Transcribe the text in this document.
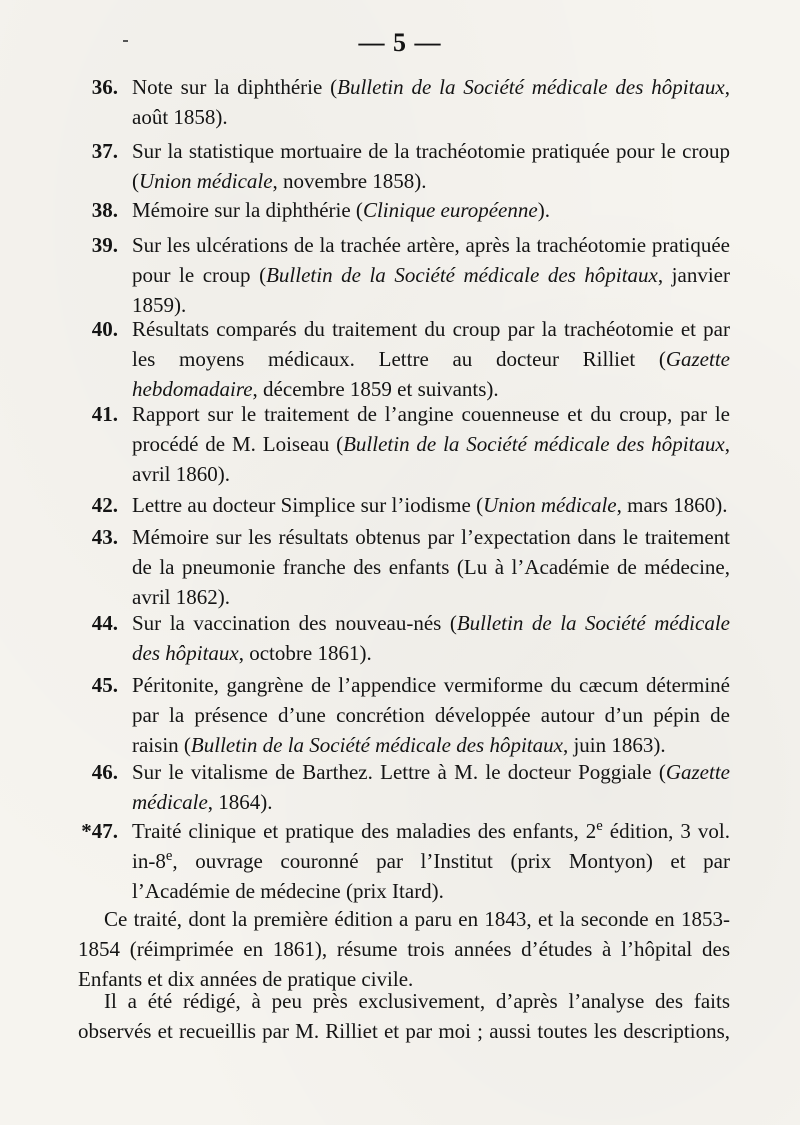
— 5 —
36. Note sur la diphthérie (Bulletin de la Société médicale des hôpitaux, août 1858).
37. Sur la statistique mortuaire de la trachéotomie pratiquée pour le croup (Union médicale, novembre 1858).
38. Mémoire sur la diphthérie (Clinique européenne).
39. Sur les ulcérations de la trachée artère, après la trachéotomie pratiquée pour le croup (Bulletin de la Société médicale des hôpitaux, janvier 1859).
40. Résultats comparés du traitement du croup par la trachéotomie et par les moyens médicaux. Lettre au docteur Rilliet (Gazette hebdomadaire, décembre 1859 et suivants).
41. Rapport sur le traitement de l’angine couenneuse et du croup, par le procédé de M. Loiseau (Bulletin de la Société médicale des hôpitaux, avril 1860).
42. Lettre au docteur Simplice sur l’iodisme (Union médicale, mars 1860).
43. Mémoire sur les résultats obtenus par l’expectation dans le traitement de la pneumonie franche des enfants (Lu à l’Académie de médecine, avril 1862).
44. Sur la vaccination des nouveau-nés (Bulletin de la Société médicale des hôpitaux, octobre 1861).
45. Péritonite, gangrène de l’appendice vermiforme du cæcum déterminé par la présence d’une concrétion développée autour d’un pépin de raisin (Bulletin de la Société médicale des hôpitaux, juin 1863).
46. Sur le vitalisme de Barthez. Lettre à M. le docteur Poggiale (Gazette médicale, 1864).
*47. Traité clinique et pratique des maladies des enfants, 2e édition, 3 vol. in-8e, ouvrage couronné par l’Institut (prix Montyon) et par l’Académie de médecine (prix Itard).
Ce traité, dont la première édition a paru en 1843, et la seconde en 1853-1854 (réimprimée en 1861), résume trois années d’études à l’hôpital des Enfants et dix années de pratique civile.
Il a été rédigé, à peu près exclusivement, d’après l’analyse des faits observés et recueillis par M. Rilliet et par moi ; aussi toutes les descriptions,
